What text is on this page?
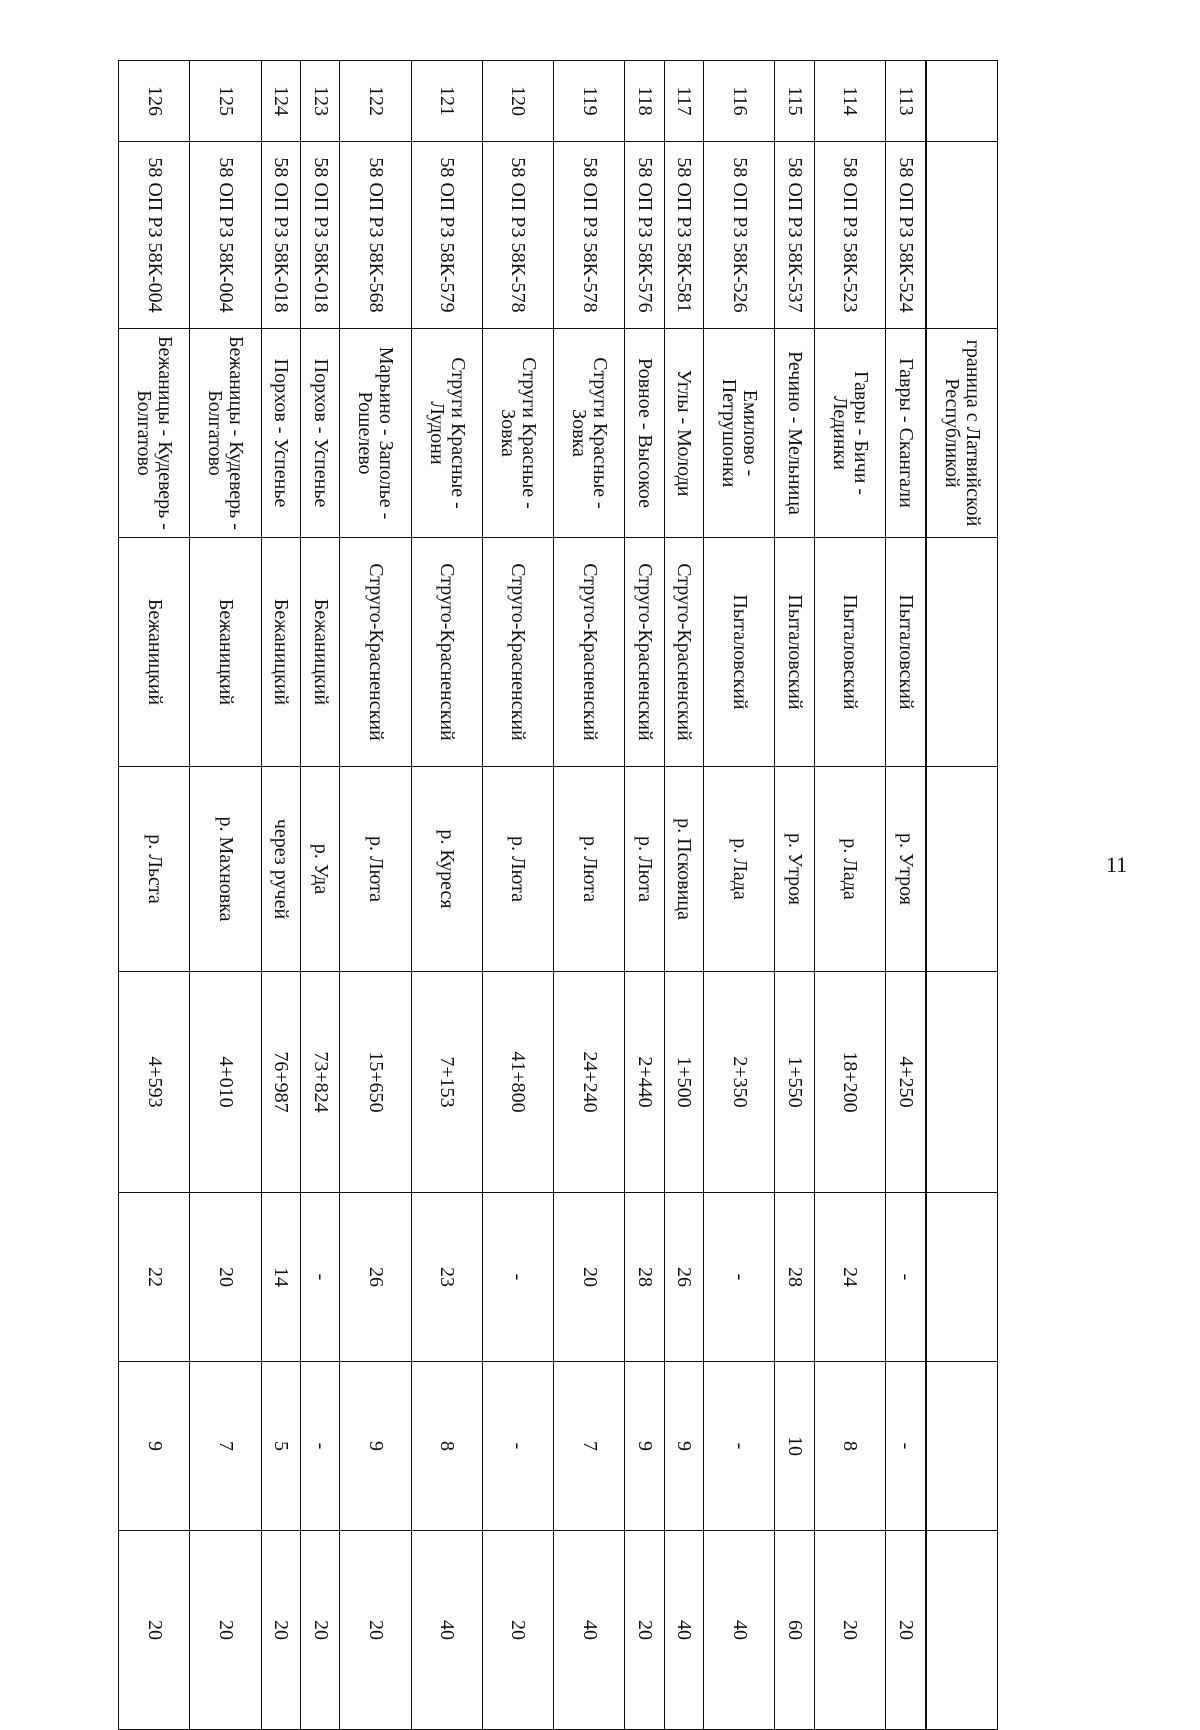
11
		граница с Латвийской Республикой						
113	58 ОП РЗ 58К-524	Гавры - Скангали	Пыталовский	р. Утроя	4+250	-	-	20
114	58 ОП РЗ 58К-523	Гавры - Бичи - Лединки	Пыталовский	р. Лада	18+200	24	8	20
115	58 ОП РЗ 58К-537	Речино - Мельница	Пыталовский	р. Утроя	1+550	28	10	60
116	58 ОП РЗ 58К-526	Емилово - Петрушонки	Пыталовский	р. Лада	2+350	-	-	40
117	58 ОП РЗ 58К-581	Углы - Молоди	Струго-Красненский	р. Псковица	1+500	26	9	40
118	58 ОП РЗ 58К-576	Ровное - Высокое	Струго-Красненский	р. Люта	2+440	28	9	20
119	58 ОП РЗ 58К-578	Струги Красные - Зовка	Струго-Красненский	р. Люта	24+240	20	7	40
120	58 ОП РЗ 58К-578	Струги Красные - Зовка	Струго-Красненский	р. Люта	41+800	-	-	20
121	58 ОП РЗ 58К-579	Струги Красные - Лудони	Струго-Красненский	р. Куреся	7+153	23	8	40
122	58 ОП РЗ 58К-568	Марьино - Заполье - Рошелево	Струго-Красненский	р. Люта	15+650	26	9	20
123	58 ОП РЗ 58К-018	Порхов - Успенье	Бежаницкий	р. Уда	73+824	-	-	20
124	58 ОП РЗ 58К-018	Порхов - Успенье	Бежаницкий	через ручей	76+987	14	5	20
125	58 ОП РЗ 58К-004	Бежаницы - Кудеверь - Болгатово	Бежаницкий	р. Махновка	4+010	20	7	20
126	58 ОП РЗ 58К-004	Бежаницы - Кудеверь - Болгатово	Бежаницкий	р. Льста	4+593	22	9	20
